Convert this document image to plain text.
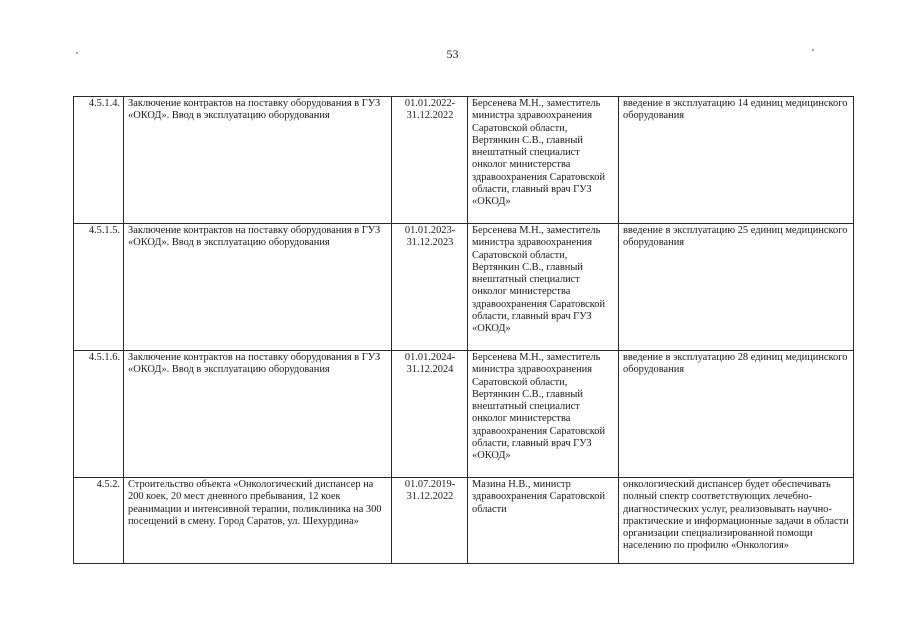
53
4.5.1.4.	Заключение контрактов на поставку оборудования в ГУЗ «ОКОД». Ввод в эксплуатацию оборудования	01.01.2022-31.12.2022	Берсенева М.Н., заместитель министра здравоохранения Саратовской области, Вертянкин С.В., главный внештатный специалист онколог министерства здравоохранения Саратовской области, главный врач ГУЗ «ОКОД»	введение в эксплуатацию 14 единиц медицинского оборудования
4.5.1.5.	Заключение контрактов на поставку оборудования в ГУЗ «ОКОД». Ввод в эксплуатацию оборудования	01.01.2023-31.12.2023	Берсенева М.Н., заместитель министра здравоохранения Саратовской области, Вертянкин С.В., главный внештатный специалист онколог министерства здравоохранения Саратовской области, главный врач ГУЗ «ОКОД»	введение в эксплуатацию 25 единиц медицинского оборудования
4.5.1.6.	Заключение контрактов на поставку оборудования в ГУЗ «ОКОД». Ввод в эксплуатацию оборудования	01.01.2024-31.12.2024	Берсенева М.Н., заместитель министра здравоохранения Саратовской области, Вертянкин С.В., главный внештатный специалист онколог министерства здравоохранения Саратовской области, главный врач ГУЗ «ОКОД»	введение в эксплуатацию 28 единиц медицинского оборудования
4.5.2.	Строительство объекта «Онкологический диспансер на 200 коек, 20 мест дневного пребывания, 12 коек реанимации и интенсивной терапии, поликлиника на 300 посещений в смену. Город Саратов, ул. Шехурдина»	01.07.2019-31.12.2022	Мазина Н.В., министр здравоохранения Саратовской области	онкологический диспансер будет обеспечивать полный спектр соответствующих лечебно-диагностических услуг, реализовывать научно-практические и информационные задачи в области организации специализированной помощи населению по профилю «Онкология»
